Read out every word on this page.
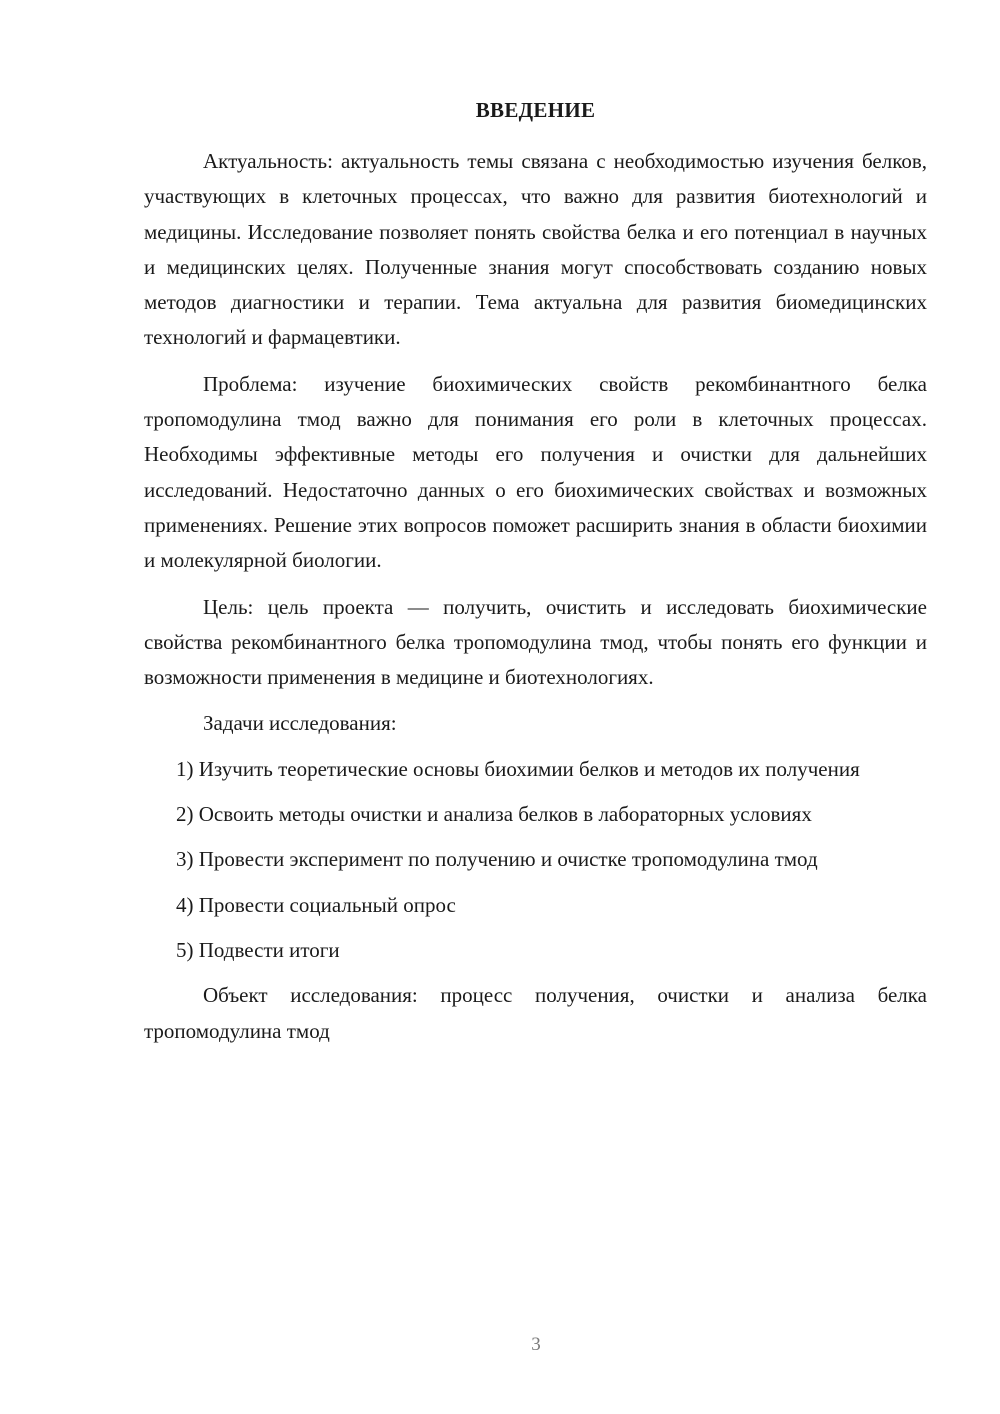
ВВЕДЕНИЕ

Актуальность: актуальность темы связана с необходимостью изучения белков, участвующих в клеточных процессах, что важно для развития биотехнологий и медицины. Исследование позволяет понять свойства белка и его потенциал в научных и медицинских целях. Полученные знания могут способствовать созданию новых методов диагностики и терапии. Тема актуальна для развития биомедицинских технологий и фармацевтики.

Проблема: изучение биохимических свойств рекомбинантного белка тропомодулина тмод важно для понимания его роли в клеточных процессах. Необходимы эффективные методы его получения и очистки для дальнейших исследований. Недостаточно данных о его биохимических свойствах и возможных применениях. Решение этих вопросов поможет расширить знания в области биохимии и молекулярной биологии.

Цель: цель проекта — получить, очистить и исследовать биохимические свойства рекомбинантного белка тропомодулина тмод, чтобы понять его функции и возможности применения в медицине и биотехнологиях.

Задачи исследования:

1) Изучить теоретические основы биохимии белков и методов их получения

2) Освоить методы очистки и анализа белков в лабораторных условиях

3) Провести эксперимент по получению и очистке тропомодулина тмод

4) Провести социальный опрос

5) Подвести итоги

Объект исследования: процесс получения, очистки и анализа белка тропомодулина тмод

3
